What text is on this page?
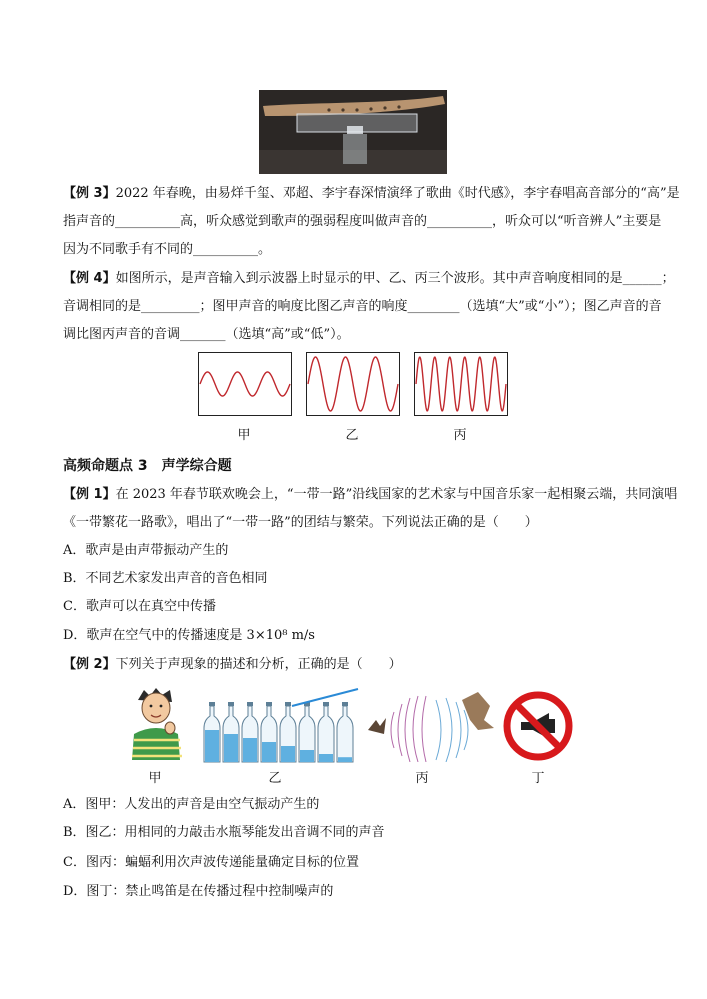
【例 3】2022 年春晚，由易烊千玺、邓超、李宇春深情演绎了歌曲《时代感》，李宇春唱高音部分的“高”是
指声音的__________高，听众感觉到歌声的强弱程度叫做声音的__________，听众可以“听音辨人”主要是
因为不同歌手有不同的__________。
【例 4】如图所示，是声音输入到示波器上时显示的甲、乙、丙三个波形。其中声音响度相同的是______；
音调相同的是_________；图甲声音的响度比图乙声音的响度________（选填“大”或“小”）；图乙声音的音
调比图丙声音的音调_______（选填“高”或“低”）。
甲	乙	丙
高频命题点 3　声学综合题
【例 1】在 2023 年春节联欢晚会上，“一带一路”沿线国家的艺术家与中国音乐家一起相聚云端，共同演唱
《一带繁花一路歌》，唱出了“一带一路”的团结与繁荣。下列说法正确的是（　　）
A．歌声是由声带振动产生的
B．不同艺术家发出声音的音色相同
C．歌声可以在真空中传播
D．歌声在空气中的传播速度是 3×10⁸ m/s
【例 2】下列关于声现象的描述和分析，正确的是（　　）
甲	乙	丙	丁
A．图甲：人发出的声音是由空气振动产生的
B．图乙：用相同的力敲击水瓶琴能发出音调不同的声音
C．图丙：蝙蝠利用次声波传递能量确定目标的位置
D．图丁：禁止鸣笛是在传播过程中控制噪声的
